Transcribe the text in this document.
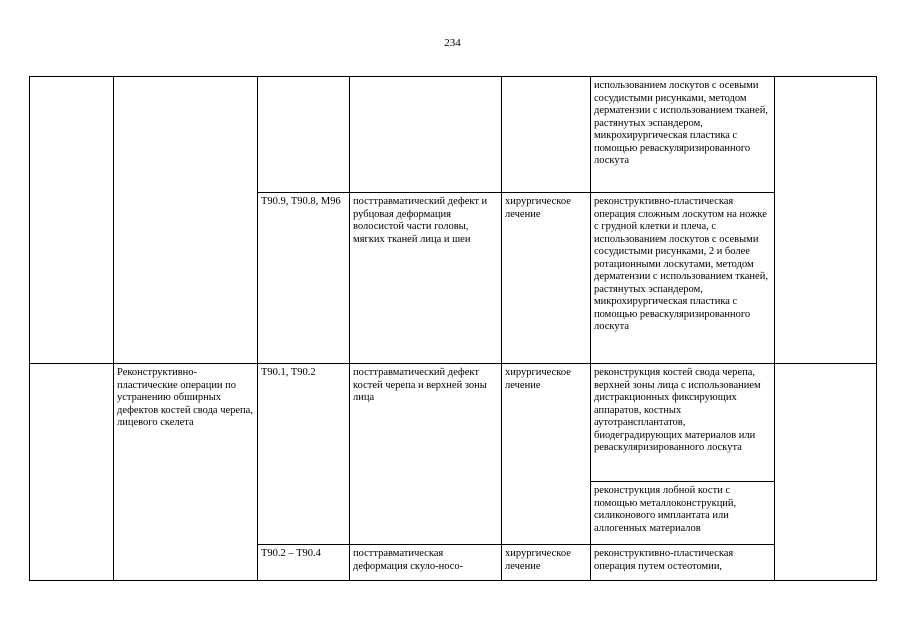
234
					использованием лоскутов с осевыми сосудистыми рисунками, методом дерматензии с использованием тканей, растянутых эспандером, микрохирургическая пластика с помощью реваскуляризированного лоскута	
		T90.9, T90.8, M96	посттравматический дефект и рубцовая деформация волосистой части головы, мягких тканей лица и шеи	хирургическое лечение	реконструктивно-пластическая операция сложным лоскутом на ножке с грудной клетки и плеча, с использованием лоскутов с осевыми сосудистыми рисунками, 2 и более ротационными лоскутами, методом дерматензии с использованием тканей, растянутых эспандером, микрохирургическая пластика с помощью реваскуляризированного лоскута	
	Реконструктивно-пластические операции по устранению обширных дефектов костей свода черепа, лицевого скелета	T90.1, T90.2	посттравматический дефект костей черепа и верхней зоны лица	хирургическое лечение	реконструкция костей свода черепа, верхней зоны лица с использованием дистракционных фиксирующих аппаратов, костных аутотрансплантатов, биодеградирующих материалов или реваскуляризированного лоскута	
					реконструкция лобной кости с помощью металлоконструкций, силиконового имплантата или аллогенных материалов	
		T90.2 – T90.4	посттравматическая деформация скуло-носо-	хирургическое лечение	реконструктивно-пластическая операция путем остеотомии,	
